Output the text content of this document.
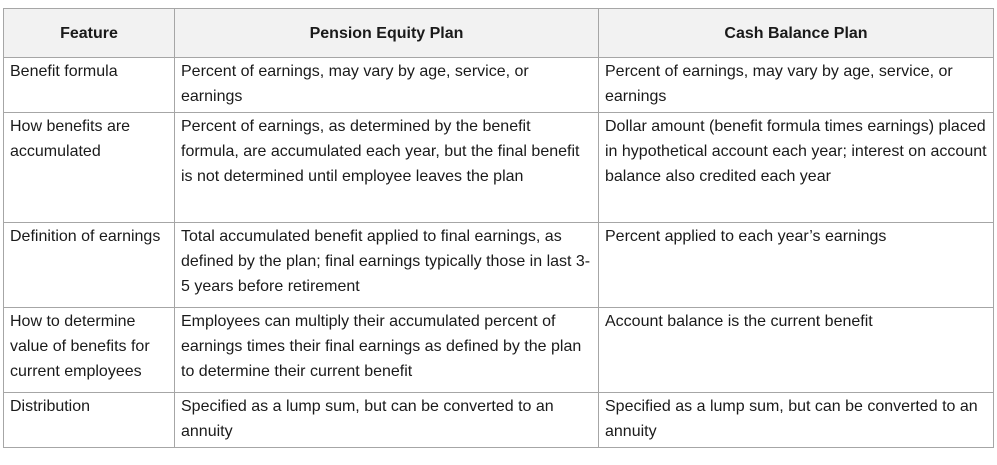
Feature	Pension Equity Plan	Cash Balance Plan
Benefit formula	Percent of earnings, may vary by age, service, or earnings	Percent of earnings, may vary by age, service, or earnings
How benefits are accumulated	Percent of earnings, as determined by the benefit formula, are accumulated each year, but the final benefit is not determined until employee leaves the plan	Dollar amount (benefit formula times earnings) placed in hypothetical account each year; interest on account balance also credited each year
Definition of earnings	Total accumulated benefit applied to final earnings, as defined by the plan; final earnings typically those in last 3-5 years before retirement	Percent applied to each year’s earnings
How to determine value of benefits for current employees	Employees can multiply their accumulated percent of earnings times their final earnings as defined by the plan to determine their current benefit	Account balance is the current benefit
Distribution	Specified as a lump sum, but can be converted to an annuity	Specified as a lump sum, but can be converted to an annuity
